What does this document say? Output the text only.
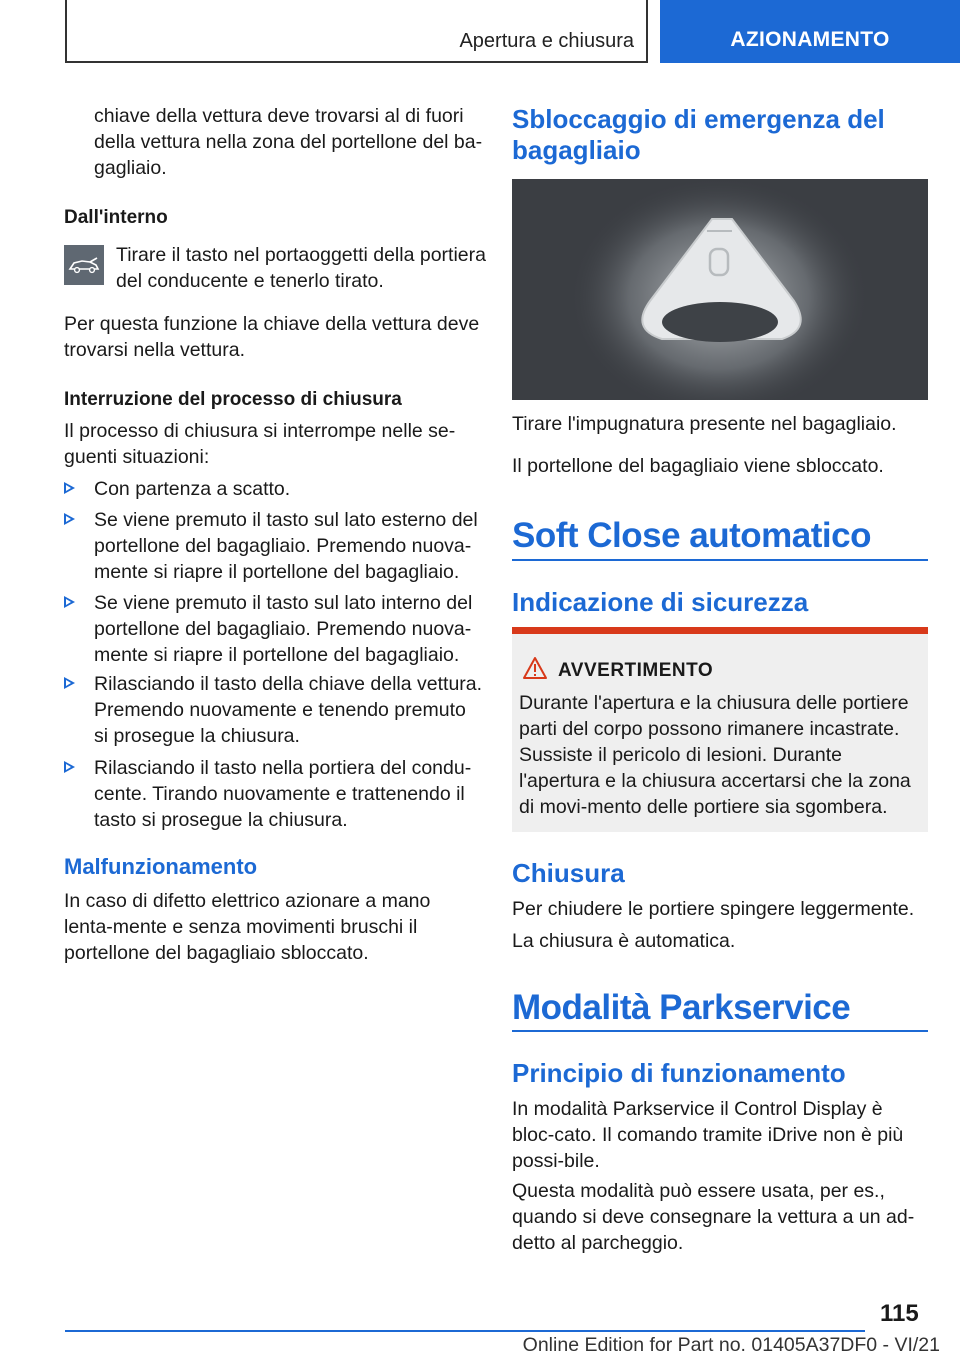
Apertura e chiusura	AZIONAMENTO

chiave della vettura deve trovarsi al di fuori della vettura nella zona del portellone del ba-gagliaio.

Dall'interno

Tirare il tasto nel portaoggetti della portiera del conducente e tenerlo tirato.

Per questa funzione la chiave della vettura deve trovarsi nella vettura.

Interruzione del processo di chiusura

Il processo di chiusura si interrompe nelle se-guenti situazioni:

Con partenza a scatto.

Se viene premuto il tasto sul lato esterno del portellone del bagagliaio. Premendo nuova-mente si riapre il portellone del bagagliaio.

Se viene premuto il tasto sul lato interno del portellone del bagagliaio. Premendo nuova-mente si riapre il portellone del bagagliaio.

Rilasciando il tasto della chiave della vettura. Premendo nuovamente e tenendo premuto si prosegue la chiusura.

Rilasciando il tasto nella portiera del condu-cente. Tirando nuovamente e trattenendo il tasto si prosegue la chiusura.

Malfunzionamento

In caso di difetto elettrico azionare a mano lenta-mente e senza movimenti bruschi il portellone del bagagliaio sbloccato.

Sbloccaggio di emergenza del bagagliaio

Tirare l'impugnatura presente nel bagagliaio.

Il portellone del bagagliaio viene sbloccato.

Soft Close automatico

Indicazione di sicurezza

AVVERTIMENTO

Durante l'apertura e la chiusura delle portiere parti del corpo possono rimanere incastrate. Sussiste il pericolo di lesioni. Durante l'apertura e la chiusura accertarsi che la zona di movi-mento delle portiere sia sgombera.

Chiusura

Per chiudere le portiere spingere leggermente.

La chiusura è automatica.

Modalità Parkservice

Principio di funzionamento

In modalità Parkservice il Control Display è bloc-cato. Il comando tramite iDrive non è più possi-bile.

Questa modalità può essere usata, per es., quando si deve consegnare la vettura a un ad-detto al parcheggio.

115
Online Edition for Part no. 01405A37DF0 - VI/21
